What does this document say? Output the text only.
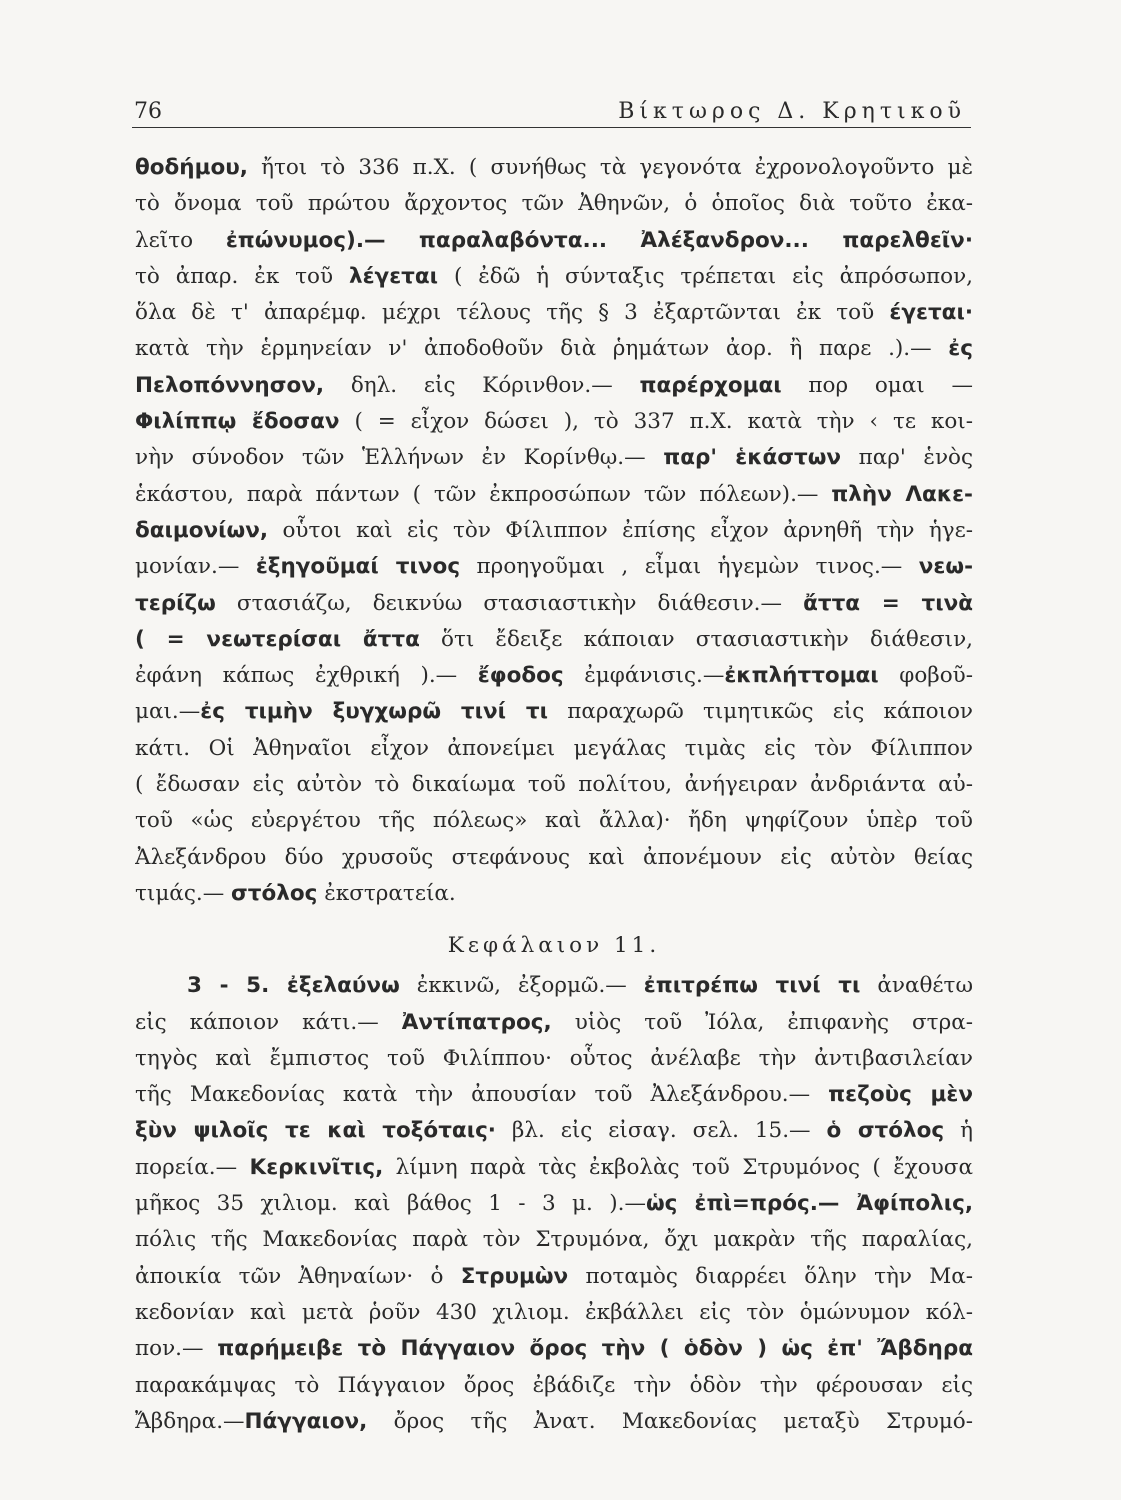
76	Βίκτωρος Δ. Κρητικοῦ
θοδήμου, ἤτοι τὸ 336 π.Χ. ( συνήθως τὰ γεγονότα ἐχρονολογοῦντο μὲ
τὸ ὄνομα τοῦ πρώτου ἄρχοντος τῶν Ἀθηνῶν, ὁ ὁποῖος διὰ τοῦτο ἐκα-
λεῖτο ἐπώνυμος).— παραλαβόντα... Ἀλέξανδρον... παρελθεῖν·
τὸ ἀπαρ. ἐκ τοῦ λέγεται ( ἐδῶ ἡ σύνταξις τρέπεται εἰς ἀπρόσωπον,
ὅλα δὲ τ' ἀπαρέμφ. μέχρι τέλους τῆς § 3 ἐξαρτῶνται ἐκ τοῦ έγεται·
κατὰ τὴν ἑρμηνείαν ν' ἀποδοθοῦν διὰ ῥημάτων ἀορ. ἢ παρε .).— ἐς
Πελοπόννησον, δηλ. εἰς Κόρινθον.— παρέρχομαι πορ ομαι —
Φιλίππῳ ἔδοσαν ( = εἶχον δώσει ), τὸ 337 π.Χ. κατὰ τὴν ‹ τε κοι-
νὴν σύνοδον τῶν Ἑλλήνων ἐν Κορίνθῳ.— παρ' ἑκάστων παρ' ἑνὸς
ἑκάστου, παρὰ πάντων ( τῶν ἐκπροσώπων τῶν πόλεων).— πλὴν Λακε-
δαιμονίων, οὗτοι καὶ εἰς τὸν Φίλιππον ἐπίσης εἶχον ἀρνηθῆ τὴν ἡγε-
μονίαν.— ἐξηγοῦμαί τινος προηγοῦμαι , εἶμαι ἡγεμὼν τινος.— νεω-
τερίζω στασιάζω, δεικνύω στασιαστικὴν διάθεσιν.— ἄττα = τινὰ
( = νεωτερίσαι ἄττα ὅτι ἔδειξε κάποιαν στασιαστικὴν διάθεσιν,
ἐφάνη κάπως ἐχθρική ).— ἔφοδος ἐμφάνισις.—ἐκπλήττομαι φοβοῦ-
μαι.—ἐς τιμὴν ξυγχωρῶ τινί τι παραχωρῶ τιμητικῶς εἰς κάποιον
κάτι. Οἱ Ἀθηναῖοι εἶχον ἀπονείμει μεγάλας τιμὰς εἰς τὸν Φίλιππον
( ἔδωσαν εἰς αὐτὸν τὸ δικαίωμα τοῦ πολίτου, ἀνήγειραν ἀνδριάντα αὐ-
τοῦ «ὡς εὐεργέτου τῆς πόλεως» καὶ ἄλλα)· ἤδη ψηφίζουν ὑπὲρ τοῦ
Ἀλεξάνδρου δύο χρυσοῦς στεφάνους καὶ ἀπονέμουν εἰς αὐτὸν θείας
τιμάς.— στόλος ἐκστρατεία.
Κεφάλαιον 11.
3 - 5. ἐξελαύνω ἐκκινῶ, ἐξορμῶ.— ἐπιτρέπω τινί τι ἀναθέτω
εἰς κάποιον κάτι.— Ἀντίπατρος, υἱὸς τοῦ Ἰόλα, ἐπιφανὴς στρα-
τηγὸς καὶ ἔμπιστος τοῦ Φιλίππου· οὗτος ἀνέλαβε τὴν ἀντιβασιλείαν
τῆς Μακεδονίας κατὰ τὴν ἀπουσίαν τοῦ Ἀλεξάνδρου.— πεζοὺς μὲν
ξὺν ψιλοῖς τε καὶ τοξόταις· βλ. εἰς εἰσαγ. σελ. 15.— ὁ στόλος ἡ
πορεία.— Κερκινῖτις, λίμνη παρὰ τὰς ἐκβολὰς τοῦ Στρυμόνος ( ἔχουσα
μῆκος 35 χιλιομ. καὶ βάθος 1 - 3 μ. ).—ὡς ἐπὶ=πρός.— Ἀφίπολις,
πόλις τῆς Μακεδονίας παρὰ τὸν Στρυμόνα, ὄχι μακρὰν τῆς παραλίας,
ἀποικία τῶν Ἀθηναίων· ὁ Στρυμὼν ποταμὸς διαρρέει ὅλην τὴν Μα-
κεδονίαν καὶ μετὰ ῥοῦν 430 χιλιομ. ἐκβάλλει εἰς τὸν ὁμώνυμον κόλ-
πον.— παρήμειβε τὸ Πάγγαιον ὄρος τὴν ( ὁδὸν ) ὡς ἐπ' Ἄβδηρα
παρακάμψας τὸ Πάγγαιον ὄρος ἐβάδιζε τὴν ὁδὸν τὴν φέρουσαν εἰς
Ἄβδηρα.—Πάγγαιον, ὄρος τῆς Ἀνατ. Μακεδονίας μεταξὺ Στρυμό-
